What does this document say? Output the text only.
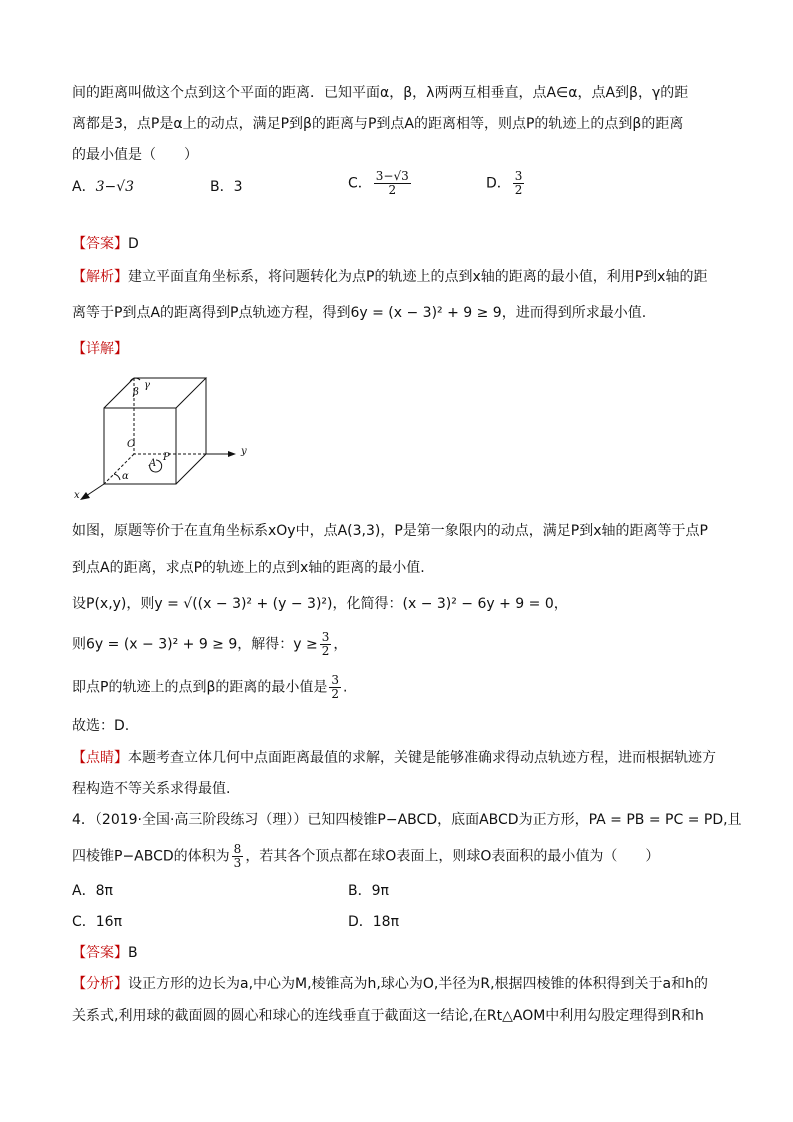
间的距离叫做这个点到这个平面的距离．已知平面α，β，λ两两互相垂直，点A∈α，点A到β，γ的距
离都是3，点P是α上的动点，满足P到β的距离与P到点A的距离相等，则点P的轨迹上的点到β的距离
的最小值是（　　）
A．3−√3	B．3	C． $\frac{3-√3}{2}$	D． $\frac{3}{2}$
【答案】D
【解析】建立平面直角坐标系，将问题转化为点P的轨迹上的点到x轴的距离的最小值，利用P到x轴的距
离等于P到点A的距离得到P点轨迹方程，得到6y = (x − 3)² + 9 ≥ 9，进而得到所求最小值.
【详解】
β
γ
O
A
P
α
y
x
如图，原题等价于在直角坐标系xOy中，点A(3,3)，P是第一象限内的动点，满足P到x轴的距离等于点P
到点A的距离，求点P的轨迹上的点到x轴的距离的最小值.
设P(x,y)，则y = √((x − 3)² + (y − 3)²)，化简得：(x − 3)² − 6y + 9 = 0，
则6y = (x − 3)² + 9 ≥ 9，解得：$y \ge \frac{3}{2}$ ，
即点P的轨迹上的点到β的距离的最小值是 $\frac{3}{2}$ .
故选：D.
【点睛】本题考查立体几何中点面距离最值的求解，关键是能够准确求得动点轨迹方程，进而根据轨迹方
程构造不等关系求得最值.
4．（2019·全国·高三阶段练习（理））已知四棱锥P−ABCD，底面ABCD为正方形，PA = PB = PC = PD,且
四棱锥P−ABCD的体积为 $\frac{8}{3}$ ，若其各个顶点都在球O表面上，则球O表面积的最小值为（　　）
A．8π	B．9π
C．16π	D．18π
【答案】B
【分析】设正方形的边长为a,中心为M,棱锥高为h,球心为O,半径为R,根据四棱锥的体积得到关于a和h的
关系式,利用球的截面圆的圆心和球心的连线垂直于截面这一结论,在Rt△AOM中利用勾股定理得到R和h
